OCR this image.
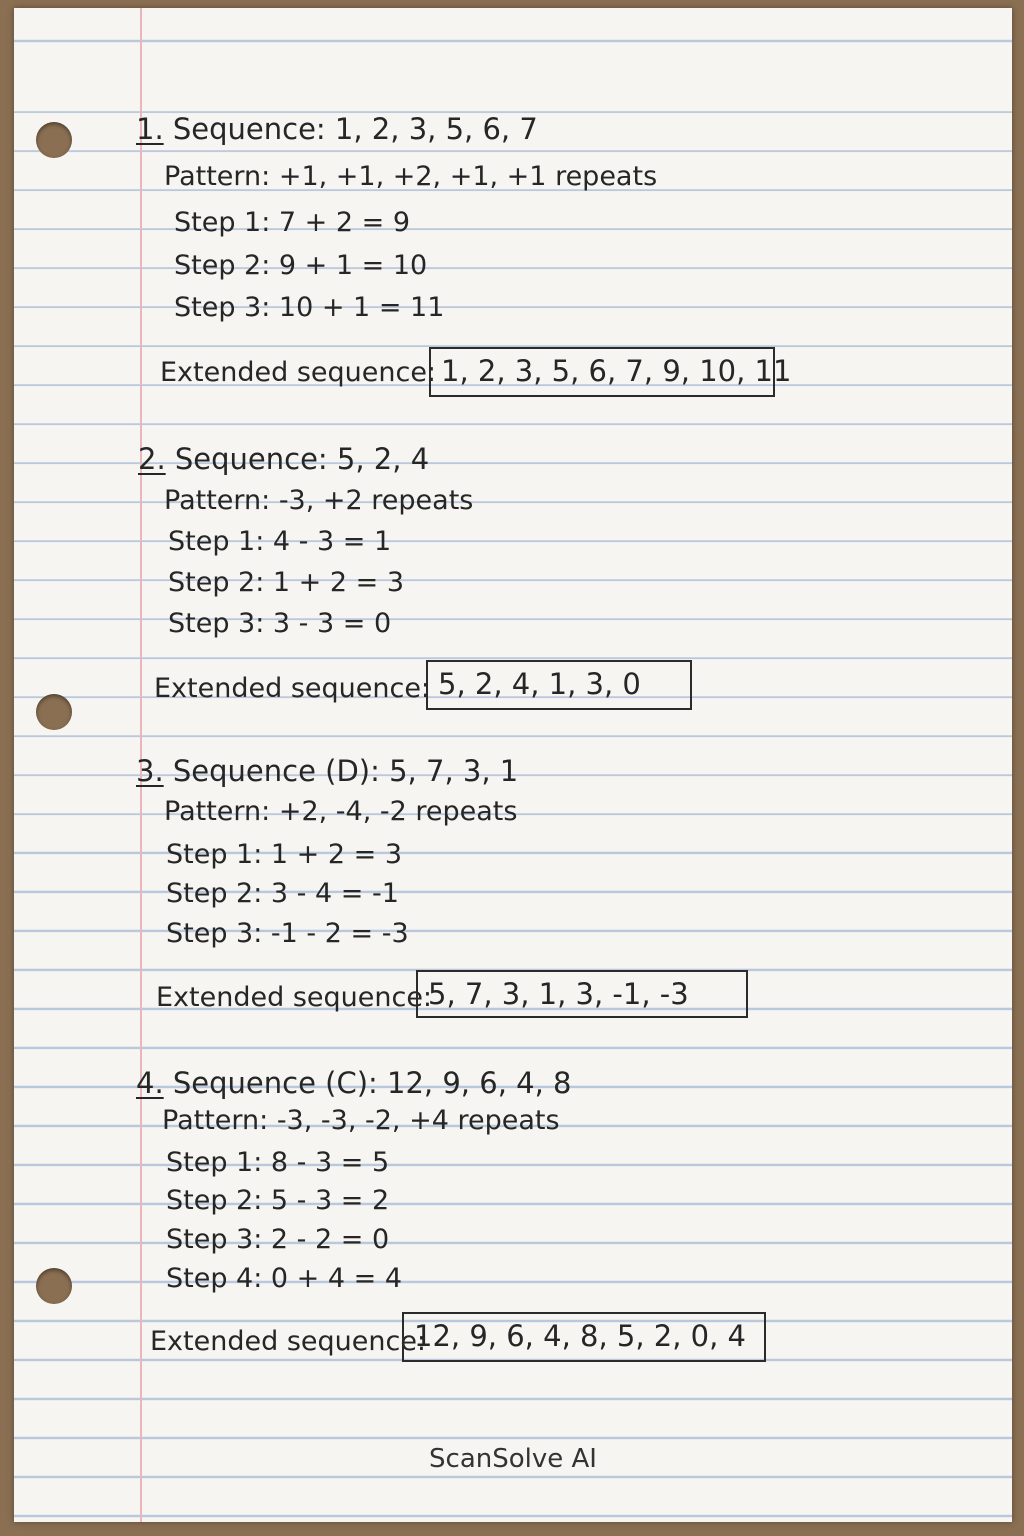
1. Sequence: 1, 2, 3, 5, 6, 7
Pattern: +1, +1, +2, +1, +1 repeats
Step 1: 7 + 2 = 9
Step 2: 9 + 1 = 10
Step 3: 10 + 1 = 11
Extended sequence: 1, 2, 3, 5, 6, 7, 9, 10, 11
2. Sequence: 5, 2, 4
Pattern: -3, +2 repeats
Step 1: 4 - 3 = 1
Step 2: 1 + 2 = 3
Step 3: 3 - 3 = 0
Extended sequence: 5, 2, 4, 1, 3, 0
3. Sequence (D): 5, 7, 3, 1
Pattern: +2, -4, -2 repeats
Step 1: 1 + 2 = 3
Step 2: 3 - 4 = -1
Step 3: -1 - 2 = -3
Extended sequence:
5, 7, 3, 1, 3, -1, -3
4. Sequence (C): 12, 9, 6, 4, 8
Pattern: -3, -3, -2, +4 repeats
Step 1: 8 - 3 = 5
Step 2: 5 - 3 = 2
Step 3: 2 - 2 = 0
Step 4: 0 + 4 = 4
Extended sequence:
12, 9, 6, 4, 8, 5, 2, 0, 4
ScanSolve AI
